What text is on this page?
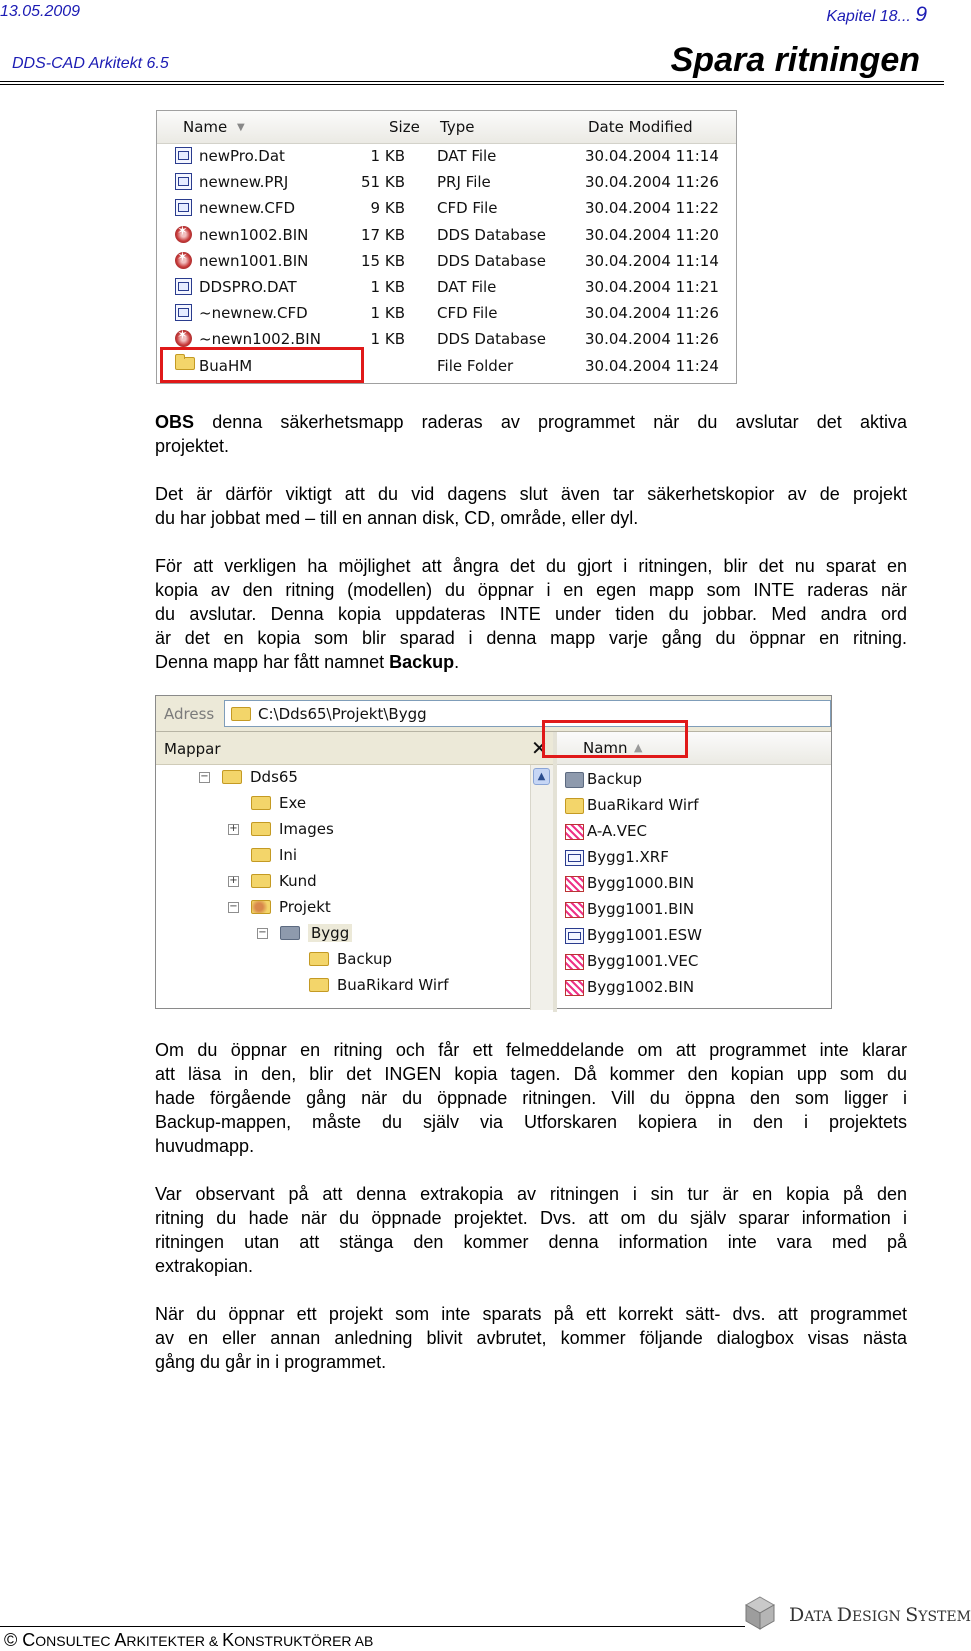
13.05.2009	Kapitel 18... 9
DDS-CAD Arkitekt 6.5	Spara ritningen
Name ▼	Size Type	Date Modified
newPro.Dat	1 KB DAT File	30.04.2004 11:14
newnew.PRJ	51 KB PRJ File	30.04.2004 11:26
newnew.CFD	9 KB CFD File	30.04.2004 11:22
✶
newn1002.BIN	17 KB DDS Database	30.04.2004 11:20
✶
newn1001.BIN	15 KB DDS Database	30.04.2004 11:14
DDSPRO.DAT	1 KB DAT File	30.04.2004 11:21
~newnew.CFD	1 KB CFD File	30.04.2004 11:26
✶
~newn1002.BIN	1 KB DDS Database	30.04.2004 11:26
BuaHM	File Folder	30.04.2004 11:24
OBS denna säkerhetsmapp raderas av programmet när du avslutar det aktiva
projektet.
Det är därför viktigt att du vid dagens slut även tar säkerhetskopior av de projekt
du har jobbat med – till en annan disk, CD, område, eller dyl.
För att verkligen ha möjlighet att ångra det du gjort i ritningen, blir det nu sparat en
kopia av den ritning (modellen) du öppnar i en egen mapp som INTE raderas när
du avslutar. Denna kopia uppdateras INTE under tiden du jobbar. Med andra ord
är det en kopia som blir sparad i denna mapp varje gång du öppnar en ritning.
Denna mapp har fått namnet Backup.
Adress	C:\Dds65\Projekt\Bygg
Mappar	✕
−	Dds65
Exe
+	Images
Ini
+	Kund
−	Projekt
−	Bygg
Backup
BuaRikard Wirf
▲
Namn ▲
Backup
BuaRikard Wirf
A-A.VEC
Bygg1.XRF
Bygg1000.BIN
Bygg1001.BIN
Bygg1001.ESW
Bygg1001.VEC
Bygg1002.BIN
Om du öppnar en ritning och får ett felmeddelande om att programmet inte klarar
att läsa in den, blir det INGEN kopia tagen. Då kommer den kopian upp som du
hade förgående gång när du öppnade ritningen. Vill du öppna den som ligger i
Backup-mappen, måste du själv via Utforskaren kopiera in den i projektets
huvudmapp.
Var observant på att denna extrakopia av ritningen i sin tur är en kopia på den
ritning du hade när du öppnade projektet. Dvs. att om du själv sparar information i
ritningen utan att stänga den kommer denna information inte vara med på
extrakopian.
När du öppnar ett projekt som inte sparats på ett korrekt sätt- dvs. att programmet
av en eller annan anledning blivit avbrutet, kommer följande dialogbox visas nästa
gång du går in i programmet.
DATA DESIGN SYSTEM
© CONSULTEC ARKITEKTER & KONSTRUKTÖRER AB
